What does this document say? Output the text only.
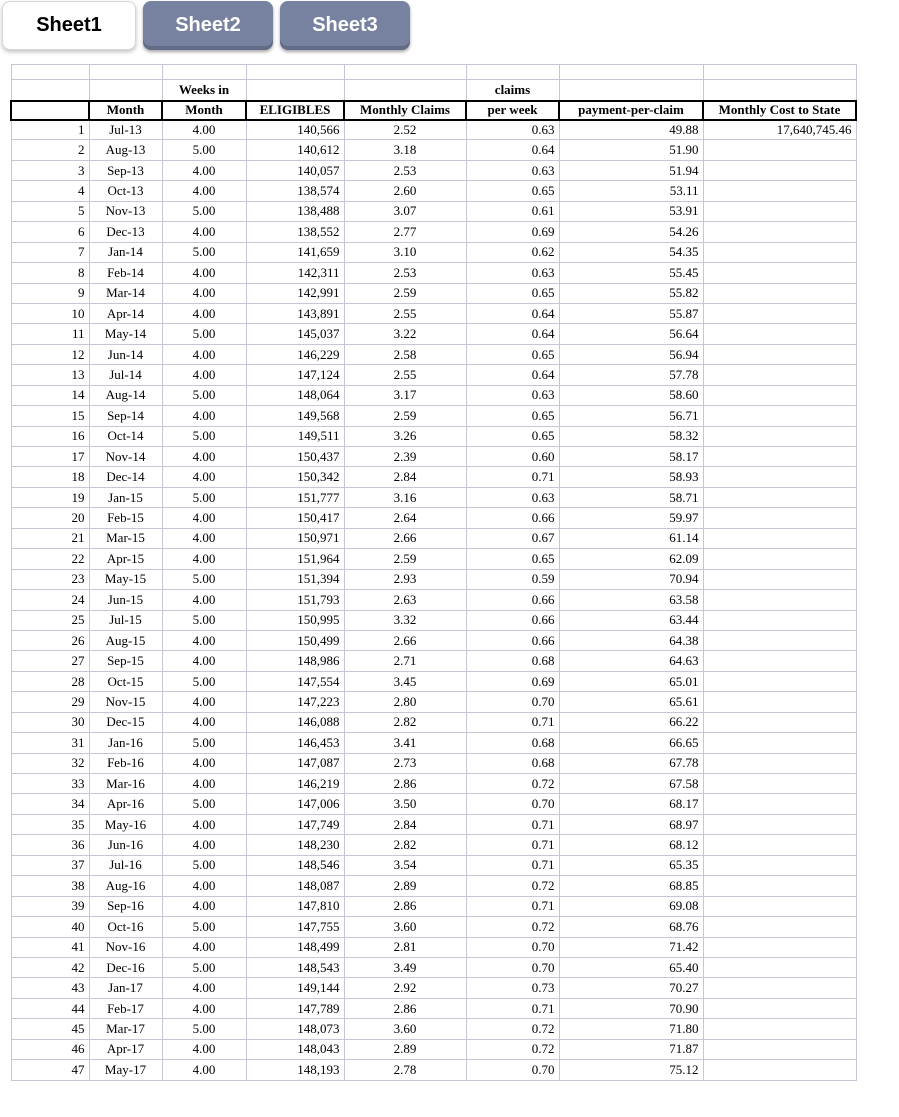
Sheet1	Sheet2	Sheet3

		Weeks in			claims		
	Month	Month	ELIGIBLES	Monthly Claims	per week	payment-per-claim	Monthly Cost to State
1	Jul-13	4.00	140,566	2.52	0.63	49.88	17,640,745.46
2	Aug-13	5.00	140,612	3.18	0.64	51.90	
3	Sep-13	4.00	140,057	2.53	0.63	51.94	
4	Oct-13	4.00	138,574	2.60	0.65	53.11	
5	Nov-13	5.00	138,488	3.07	0.61	53.91	
6	Dec-13	4.00	138,552	2.77	0.69	54.26	
7	Jan-14	5.00	141,659	3.10	0.62	54.35	
8	Feb-14	4.00	142,311	2.53	0.63	55.45	
9	Mar-14	4.00	142,991	2.59	0.65	55.82	
10	Apr-14	4.00	143,891	2.55	0.64	55.87	
11	May-14	5.00	145,037	3.22	0.64	56.64	
12	Jun-14	4.00	146,229	2.58	0.65	56.94	
13	Jul-14	4.00	147,124	2.55	0.64	57.78	
14	Aug-14	5.00	148,064	3.17	0.63	58.60	
15	Sep-14	4.00	149,568	2.59	0.65	56.71	
16	Oct-14	5.00	149,511	3.26	0.65	58.32	
17	Nov-14	4.00	150,437	2.39	0.60	58.17	
18	Dec-14	4.00	150,342	2.84	0.71	58.93	
19	Jan-15	5.00	151,777	3.16	0.63	58.71	
20	Feb-15	4.00	150,417	2.64	0.66	59.97	
21	Mar-15	4.00	150,971	2.66	0.67	61.14	
22	Apr-15	4.00	151,964	2.59	0.65	62.09	
23	May-15	5.00	151,394	2.93	0.59	70.94	
24	Jun-15	4.00	151,793	2.63	0.66	63.58	
25	Jul-15	5.00	150,995	3.32	0.66	63.44	
26	Aug-15	4.00	150,499	2.66	0.66	64.38	
27	Sep-15	4.00	148,986	2.71	0.68	64.63	
28	Oct-15	5.00	147,554	3.45	0.69	65.01	
29	Nov-15	4.00	147,223	2.80	0.70	65.61	
30	Dec-15	4.00	146,088	2.82	0.71	66.22	
31	Jan-16	5.00	146,453	3.41	0.68	66.65	
32	Feb-16	4.00	147,087	2.73	0.68	67.78	
33	Mar-16	4.00	146,219	2.86	0.72	67.58	
34	Apr-16	5.00	147,006	3.50	0.70	68.17	
35	May-16	4.00	147,749	2.84	0.71	68.97	
36	Jun-16	4.00	148,230	2.82	0.71	68.12	
37	Jul-16	5.00	148,546	3.54	0.71	65.35	
38	Aug-16	4.00	148,087	2.89	0.72	68.85	
39	Sep-16	4.00	147,810	2.86	0.71	69.08	
40	Oct-16	5.00	147,755	3.60	0.72	68.76	
41	Nov-16	4.00	148,499	2.81	0.70	71.42	
42	Dec-16	5.00	148,543	3.49	0.70	65.40	
43	Jan-17	4.00	149,144	2.92	0.73	70.27	
44	Feb-17	4.00	147,789	2.86	0.71	70.90	
45	Mar-17	5.00	148,073	3.60	0.72	71.80	
46	Apr-17	4.00	148,043	2.89	0.72	71.87	
47	May-17	4.00	148,193	2.78	0.70	75.12	
